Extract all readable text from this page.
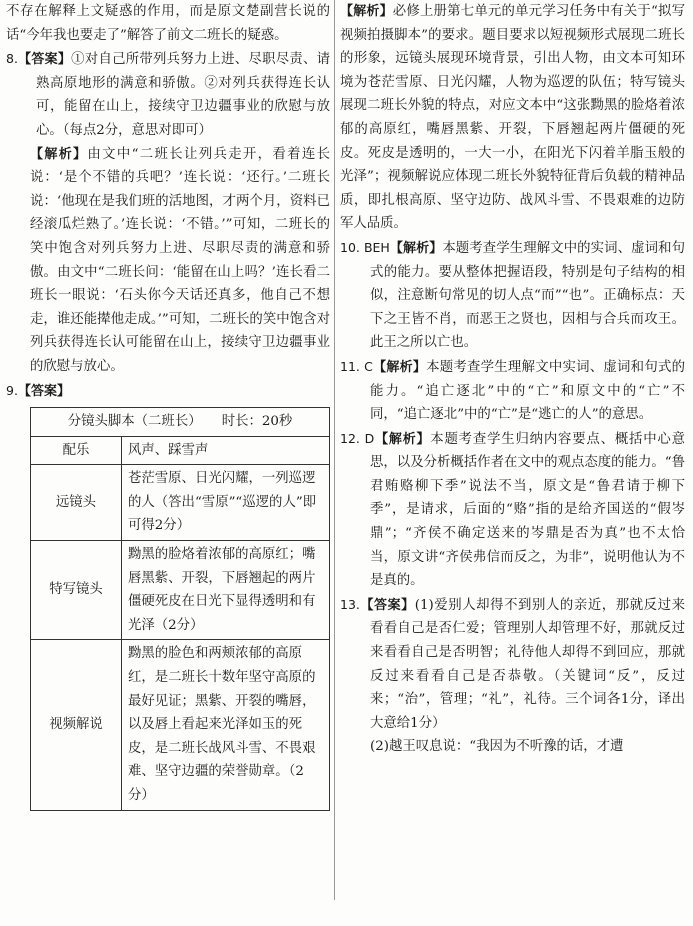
不存在解释上文疑惑的作用，而是原文楚副营长说的话“今年我也要走了”解答了前文二班长的疑惑。

8.【答案】①对自己所带列兵努力上进、尽职尽责、请熟高原地形的满意和骄傲。②对列兵获得连长认可，能留在山上，接续守卫边疆事业的欣慰与放心。（每点2分，意思对即可）

【解析】由文中“二班长让列兵走开，看着连长说：‘是个不错的兵吧？’连长说：‘还行。’二班长说：‘他现在是我们班的活地图，才两个月，资料已经滚瓜烂熟了。’连长说：‘不错。’”可知，二班长的笑中饱含对列兵努力上进、尽职尽责的满意和骄傲。由文中“二班长问：‘能留在山上吗？’连长看二班长一眼说：‘石头你今天话还真多，他自己不想走，谁还能撵他走成。’”可知，二班长的笑中饱含对列兵获得连长认可能留在山上，接续守卫边疆事业的欣慰与放心。

9.【答案】

分镜头脚本（二班长）　　时长：20秒	
配乐	风声、踩雪声
远镜头	苍茫雪原、日光闪耀，一列巡逻的人（答出“雪原”“巡逻的人”即可得2分）
特写镜头	黝黑的脸烙着浓郁的高原红；嘴唇黑紫、开裂，下唇翘起的两片僵硬死皮在日光下显得透明和有光泽（2分）
视频解说	黝黑的脸色和两颊浓郁的高原红，是二班长十数年坚守高原的最好见证；黑紫、开裂的嘴唇，以及唇上看起来光泽如玉的死皮，是二班长战风斗雪、不畏艰难、坚守边疆的荣誉勋章。（2分）

【解析】必修上册第七单元的单元学习任务中有关于“拟写视频拍摄脚本”的要求。题目要求以短视频形式展现二班长的形象，远镜头展现环境背景，引出人物，由文本可知环境为苍茫雪原、日光闪耀，人物为巡逻的队伍；特写镜头展现二班长外貌的特点，对应文本中“这张黝黑的脸烙着浓郁的高原红，嘴唇黑紫、开裂，下唇翘起两片僵硬的死皮。死皮是透明的，一大一小，在阳光下闪着羊脂玉般的光泽”；视频解说应体现二班长外貌特征背后负载的精神品质，即扎根高原、坚守边防、战风斗雪、不畏艰难的边防军人品质。

10. BEH【解析】本题考查学生理解文中的实词、虚词和句式的能力。要从整体把握语段，特别是句子结构的相似，注意断句常见的切人点“而”“也”。正确标点：天下之王皆不肖，而恶王之贤也，因相与合兵而攻王。此王之所以亡也。

11. C【解析】本题考查学生理解文中实词、虚词和句式的能力。“追亡逐北”中的“亡”和原文中的“亡”不同，“追亡逐北”中的“亡”是“逃亡的人”的意思。

12. D【解析】本题考查学生归纳内容要点、概括中心意思，以及分析概括作者在文中的观点态度的能力。“鲁君贿赂柳下季”说法不当，原文是“鲁君请于柳下季”，是请求，后面的“赂”指的是给齐国送的“假岑鼎”；“齐侯不确定送来的岑鼎是否为真”也不太恰当，原文讲“齐侯弗信而反之，为非”，说明他认为不是真的。

13.【答案】(1)爱别人却得不到别人的亲近，那就反过来看看自己是否仁爱；管理别人却管理不好，那就反过来看看自己是否明智；礼待他人却得不到回应，那就反过来看看自己是否恭敬。（关键词“反”，反过来；“治”，管理；“礼”，礼待。三个词各1分，译出大意给1分）

(2)越王叹息说：“我因为不听豫的话，才遭
